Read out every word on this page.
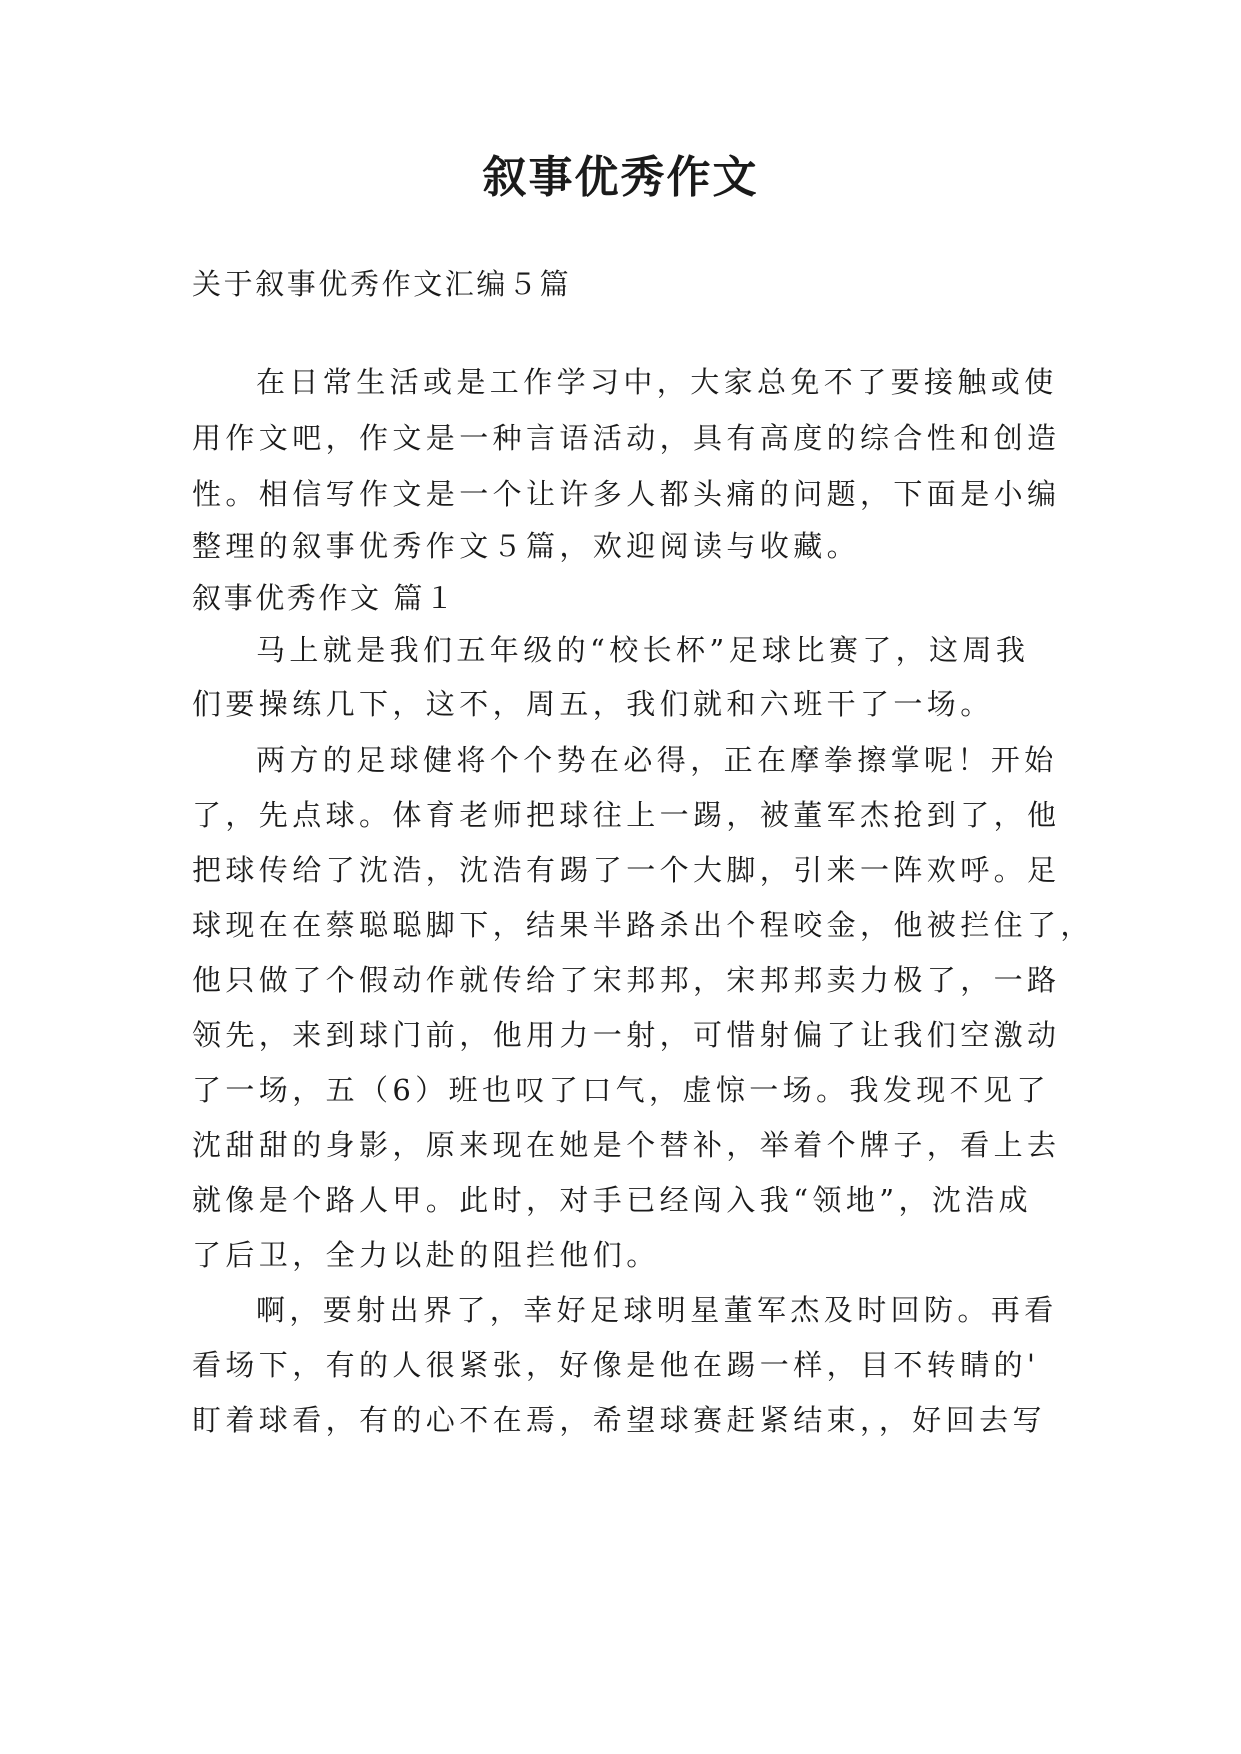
叙事优秀作文
关于叙事优秀作文汇编５篇
在日常生活或是工作学习中，大家总免不了要接触或使
用作文吧，作文是一种言语活动，具有高度的综合性和创造
性。相信写作文是一个让许多人都头痛的问题，下面是小编
整理的叙事优秀作文５篇，欢迎阅读与收藏。
叙事优秀作文 篇１
马上就是我们五年级的“校长杯”足球比赛了，这周我
们要操练几下，这不，周五，我们就和六班干了一场。
两方的足球健将个个势在必得，正在摩拳擦掌呢！开始
了，先点球。体育老师把球往上一踢，被董军杰抢到了，他
把球传给了沈浩，沈浩有踢了一个大脚，引来一阵欢呼。足
球现在在蔡聪聪脚下，结果半路杀出个程咬金，他被拦住了，
他只做了个假动作就传给了宋邦邦，宋邦邦卖力极了，一路
领先，来到球门前，他用力一射，可惜射偏了让我们空激动
了一场，五（6）班也叹了口气，虚惊一场。我发现不见了
沈甜甜的身影，原来现在她是个替补，举着个牌子，看上去
就像是个路人甲。此时，对手已经闯入我“领地”，沈浩成
了后卫，全力以赴的阻拦他们。
啊，要射出界了，幸好足球明星董军杰及时回防。再看
看场下，有的人很紧张，好像是他在踢一样，目不转睛的'
盯着球看，有的心不在焉，希望球赛赶紧结束，，好回去写
